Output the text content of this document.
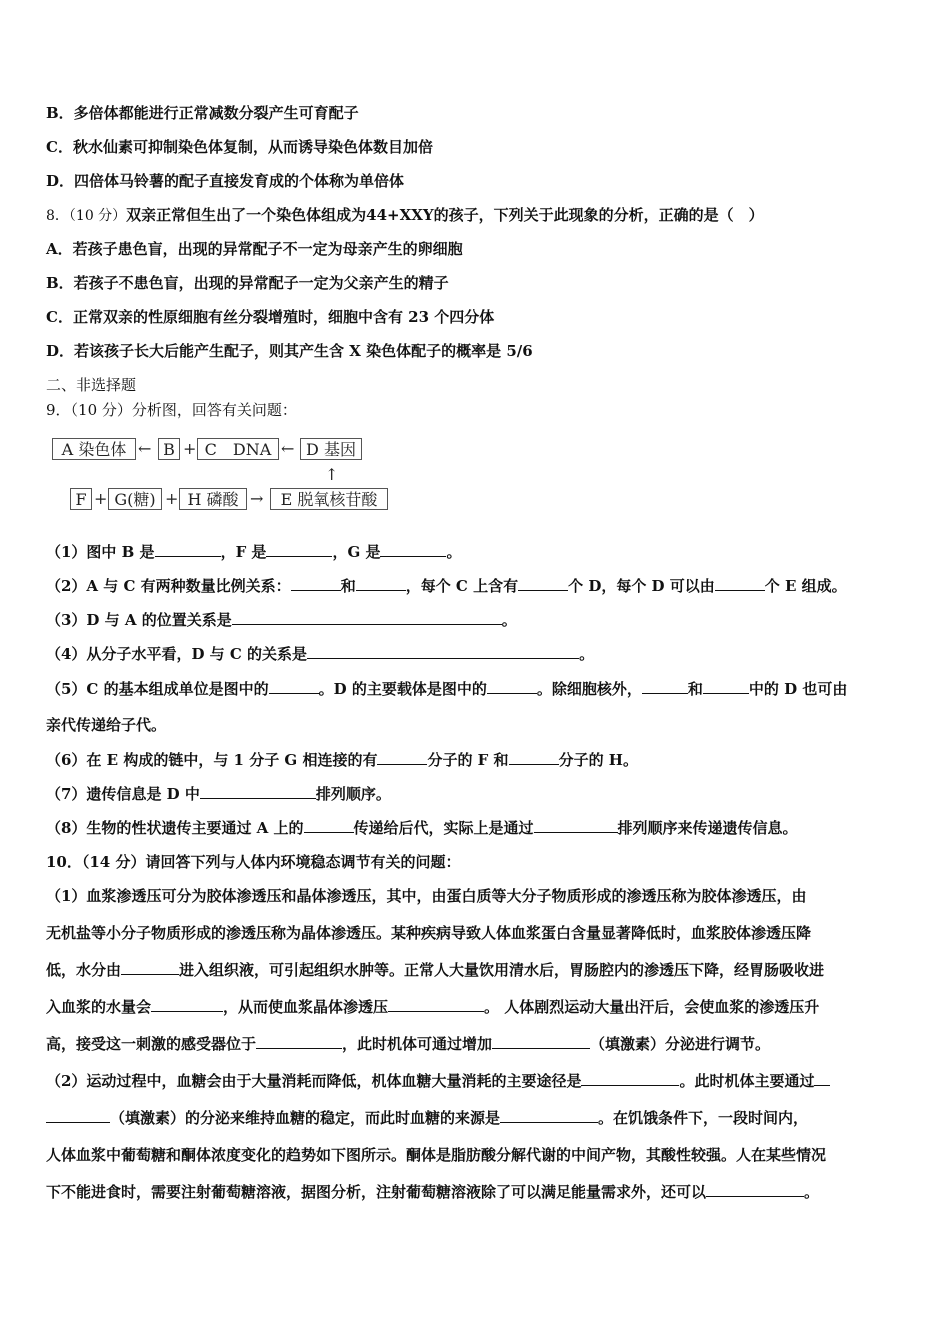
B．多倍体都能进行正常减数分裂产生可育配子
C．秋水仙素可抑制染色体复制，从而诱导染色体数目加倍
D．四倍体马铃薯的配子直接发育成的个体称为单倍体
8．（10 分）双亲正常但生出了一个染色体组成为44+XXY的孩子，下列关于此现象的分析，正确的是（　）
A．若孩子患色盲，出现的异常配子不一定为母亲产生的卵细胞
B．若孩子不患色盲，出现的异常配子一定为父亲产生的精子
C．正常双亲的性原细胞有丝分裂增殖时，细胞中含有 23 个四分体
D．若该孩子长大后能产生配子，则其产生含 X 染色体配子的概率是 5/6
二、非选择题
9．（10 分）分析图，回答有关问题：
A 染色体 ← B + C　DNA ← D 基因
↑
F + G(糖) + H 磷酸 →	E 脱氧核苷酸
（1）图中 B 是	，F 是	，G 是	。
（2）A 与 C 有两种数量比例关系：	和	，每个 C 上含有	个 D，每个 D 可以由	个 E 组成。
（3）D 与 A 的位置关系是	。
（4）从分子水平看，D 与 C 的关系是	。
（5）C 的基本组成单位是图中的	。D 的主要载体是图中的	。除细胞核外，	和	中的 D 也可由
亲代传递给子代。
（6）在 E 构成的链中，与 1 分子 G 相连接的有	分子的 F 和	分子的 H。
（7）遗传信息是 D 中	排列顺序。
（8）生物的性状遗传主要通过 A 上的	传递给后代，实际上是通过	排列顺序来传递遗传信息。
10．（14 分）请回答下列与人体内环境稳态调节有关的问题：
（1）血浆渗透压可分为胶体渗透压和晶体渗透压，其中，由蛋白质等大分子物质形成的渗透压称为胶体渗透压，由
无机盐等小分子物质形成的渗透压称为晶体渗透压。某种疾病导致人体血浆蛋白含量显著降低时，血浆胶体渗透压降
低，水分由	进入组织液，可引起组织水肿等。正常人大量饮用清水后，胃肠腔内的渗透压下降，经胃肠吸收进
入血浆的水量会	，从而使血浆晶体渗透压	。 人体剧烈运动大量出汗后，会使血浆的渗透压升
高，接受这一刺激的感受器位于	，此时机体可通过增加	（填激素）分泌进行调节。
（2）运动过程中，血糖会由于大量消耗而降低，机体血糖大量消耗的主要途径是	。此时机体主要通过
（填激素）的分泌来维持血糖的稳定，而此时血糖的来源是	。在饥饿条件下，一段时间内，
人体血浆中葡萄糖和酮体浓度变化的趋势如下图所示。酮体是脂肪酸分解代谢的中间产物，其酸性较强。人在某些情况
下不能进食时，需要注射葡萄糖溶液，据图分析，注射葡萄糖溶液除了可以满足能量需求外，还可以	。
